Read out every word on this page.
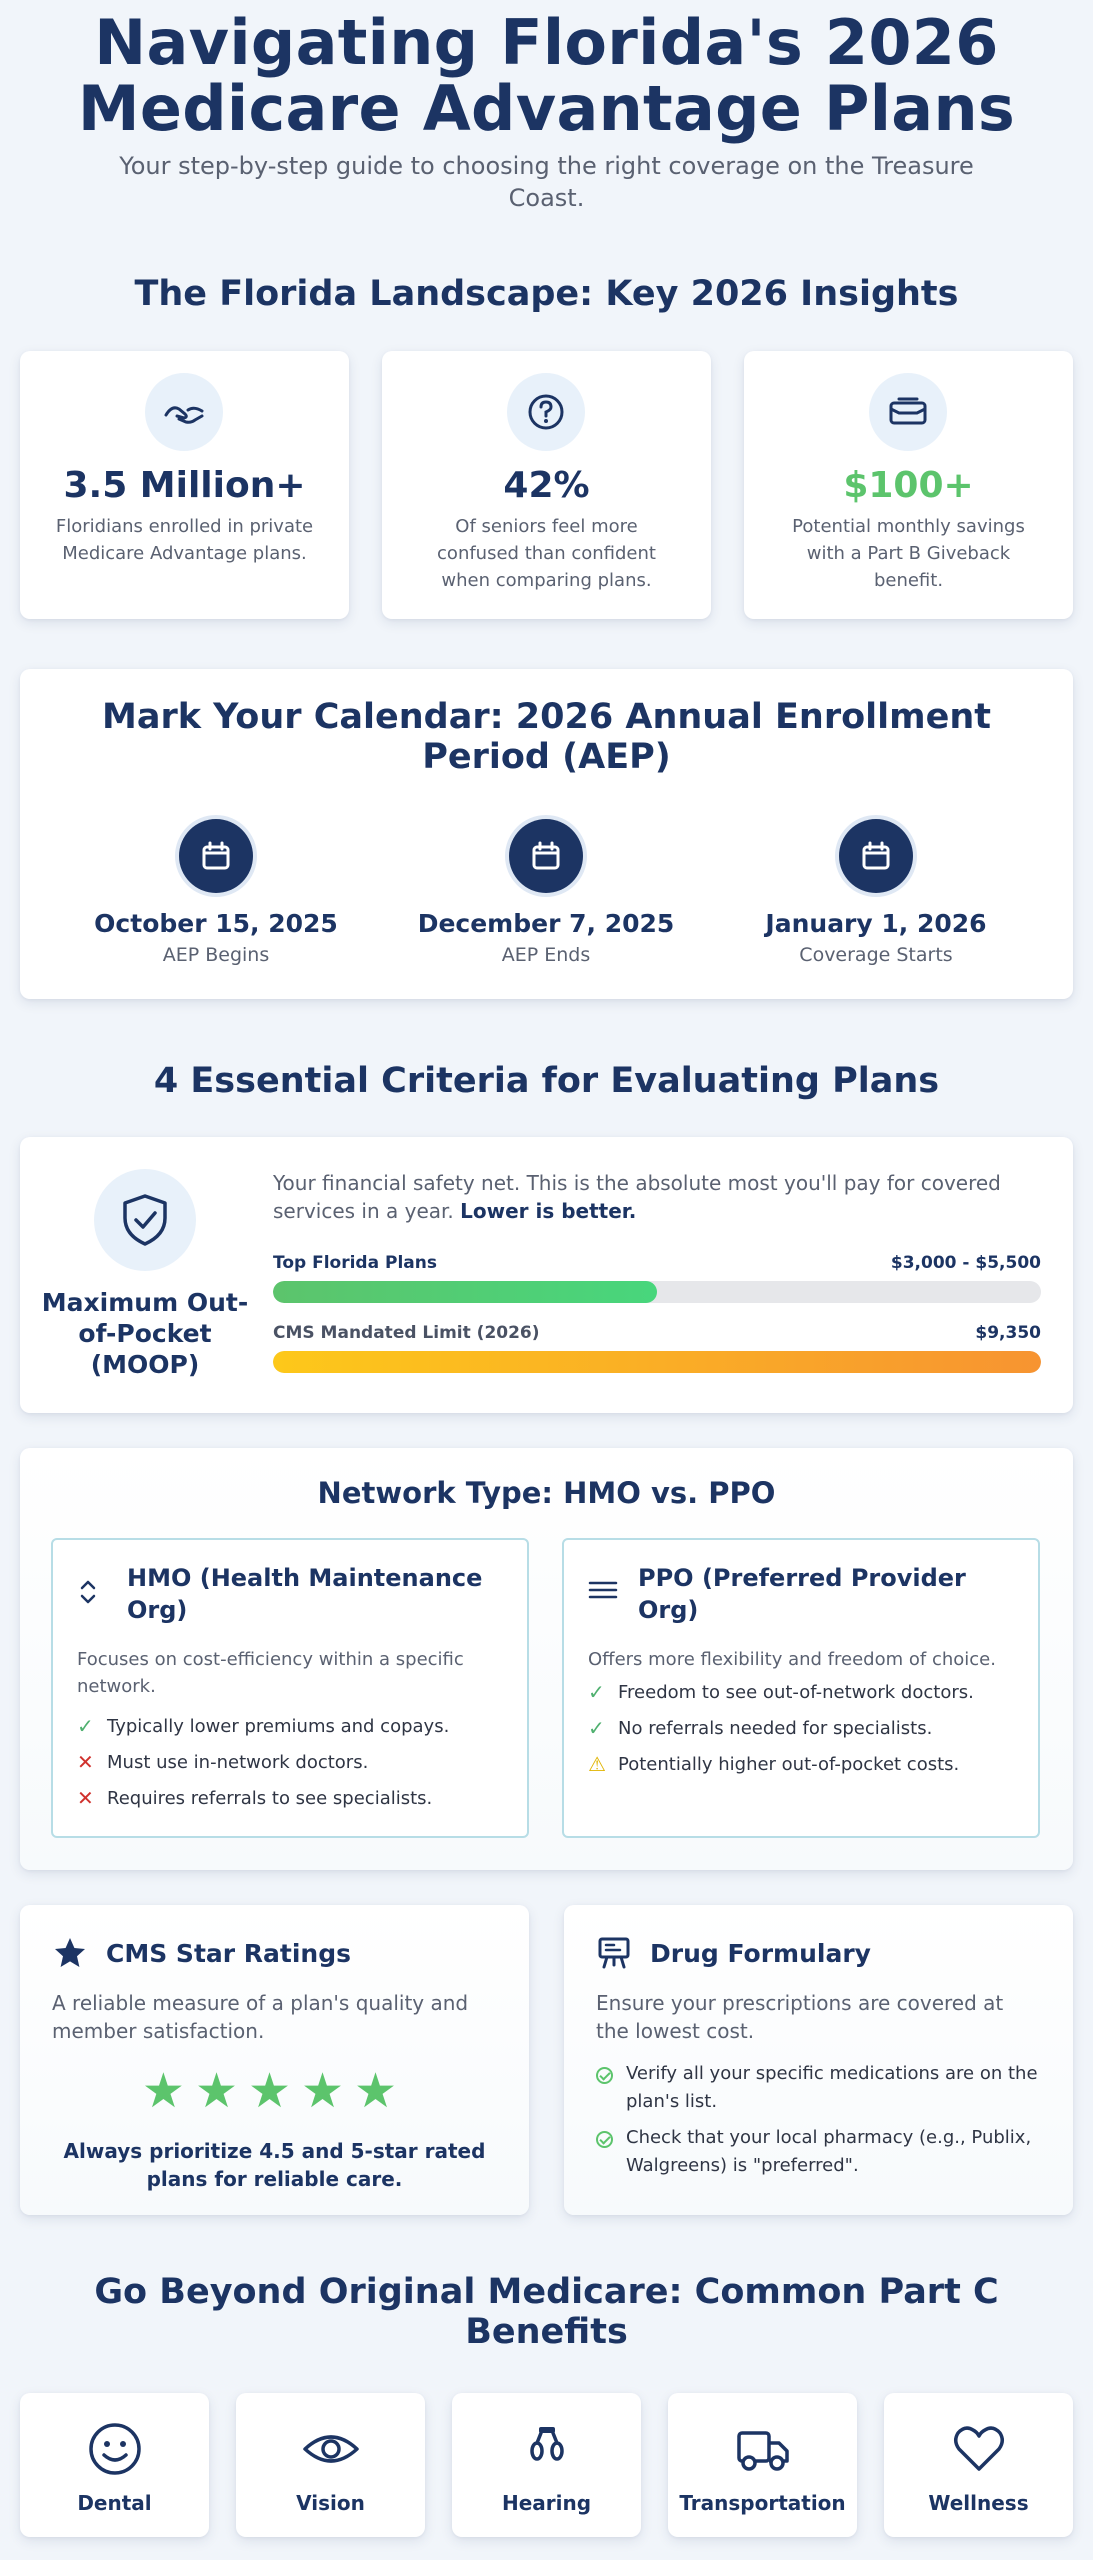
Navigating Florida's 2026 Medicare Advantage Plans
Your step-by-step guide to choosing the right coverage on the Treasure Coast.
The Florida Landscape: Key 2026 Insights
3.5 Million+
Floridians enrolled in private Medicare Advantage plans.
42%
Of seniors feel more confused than confident when comparing plans.
$100+
Potential monthly savings with a Part B Giveback benefit.
Mark Your Calendar: 2026 Annual Enrollment Period (AEP)
October 15, 2025
AEP Begins
December 7, 2025
AEP Ends
January 1, 2026
Coverage Starts
4 Essential Criteria for Evaluating Plans
Maximum Out-of-Pocket (MOOP)
Your financial safety net. This is the absolute most you'll pay for covered services in a year. Lower is better.
Top Florida Plans	$3,000 - $5,500
CMS Mandated Limit (2026)	$9,350
Network Type: HMO vs. PPO
HMO (Health Maintenance Org)
Focuses on cost-efficiency within a specific network.
✓ Typically lower premiums and copays.
✕ Must use in-network doctors.
✕ Requires referrals to see specialists.
PPO (Preferred Provider Org)
Offers more flexibility and freedom of choice.
✓ Freedom to see out-of-network doctors.
✓ No referrals needed for specialists.
⚠ Potentially higher out-of-pocket costs.
CMS Star Ratings
A reliable measure of a plan's quality and member satisfaction.
★★★★★
Always prioritize 4.5 and 5-star rated plans for reliable care.
Drug Formulary
Ensure your prescriptions are covered at the lowest cost.
Verify all your specific medications are on the plan's list.
Check that your local pharmacy (e.g., Publix, Walgreens) is "preferred".
Go Beyond Original Medicare: Common Part C Benefits
Dental	Vision	Hearing	Transportation	Wellness
